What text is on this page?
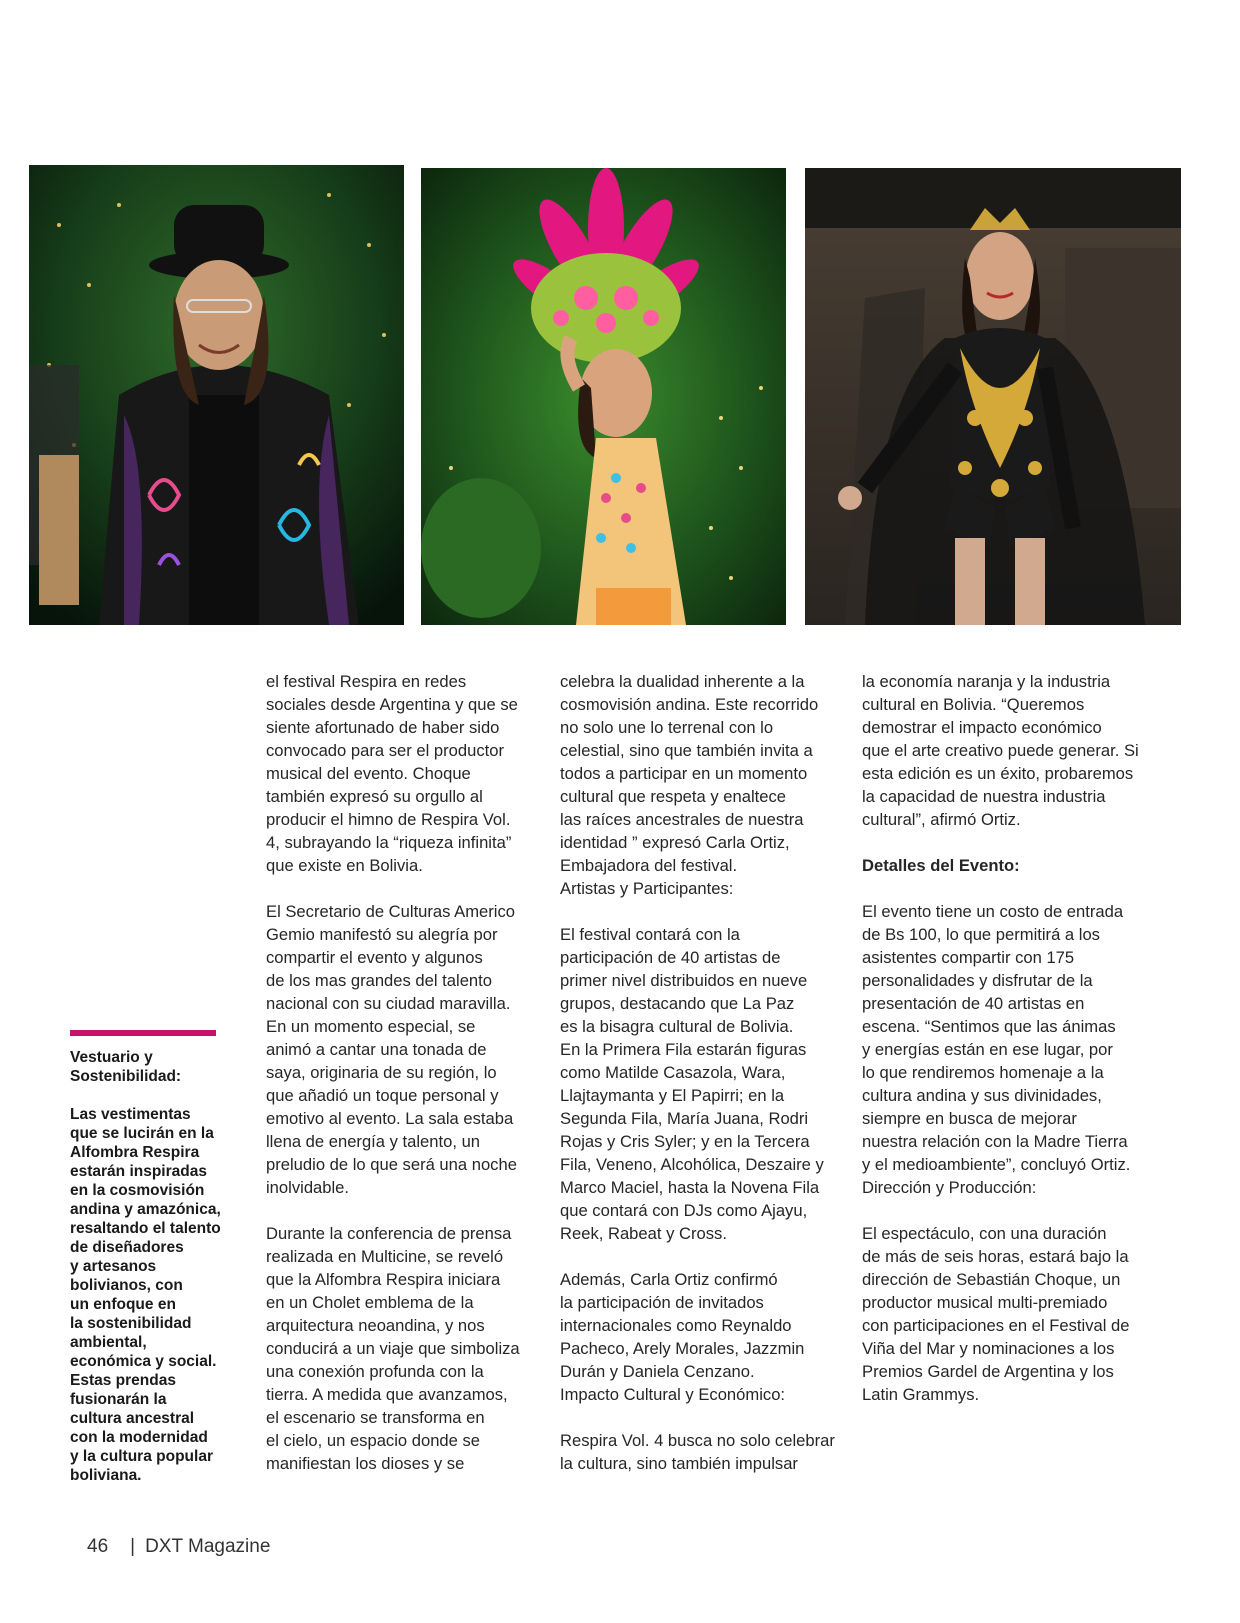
Vestuario y

Sostenibilidad:

Las vestimentas

que se lucirán en la

Alfombra Respira

estarán inspiradas

en la cosmovisión

andina y amazónica,

resaltando el talento

de diseñadores

y artesanos

bolivianos, con

un enfoque en

la sostenibilidad

ambiental,

económica y social.

Estas prendas

fusionarán la

cultura ancestral

con la modernidad

y la cultura popular

boliviana.

el festival Respira en redes

sociales desde Argentina y que se

siente afortunado de haber sido

convocado para ser el productor

musical del evento. Choque

también expresó su orgullo al

producir el himno de Respira Vol.

4, subrayando la “riqueza infinita”

que existe en Bolivia.

El Secretario de Culturas Americo

Gemio manifestó su alegría por

compartir el evento y algunos

de los mas grandes del talento

nacional con su ciudad maravilla.

En un momento especial, se

animó a cantar una tonada de

saya, originaria de su región, lo

que añadió un toque personal y

emotivo al evento. La sala estaba

llena de energía y talento, un

preludio de lo que será una noche

inolvidable.

Durante la conferencia de prensa

realizada en Multicine, se reveló

que la Alfombra Respira iniciara

en un Cholet emblema de la

arquitectura neoandina, y nos

conducirá a un viaje que simboliza

una conexión profunda con la

tierra. A medida que avanzamos,

el escenario se transforma en

el cielo, un espacio donde se

manifiestan los dioses y se

celebra la dualidad inherente a la

cosmovisión andina. Este recorrido

no solo une lo terrenal con lo

celestial, sino que también invita a

todos a participar en un momento

cultural que respeta y enaltece

las raíces ancestrales de nuestra

identidad ” expresó Carla Ortiz,

Embajadora del festival.

Artistas y Participantes:

El festival contará con la

participación de 40 artistas de

primer nivel distribuidos en nueve

grupos, destacando que La Paz

es la bisagra cultural de Bolivia.

En la Primera Fila estarán figuras

como Matilde Casazola, Wara,

Llajtaymanta y El Papirri; en la

Segunda Fila, María Juana, Rodri

Rojas y Cris Syler; y en la Tercera

Fila, Veneno, Alcohólica, Deszaire y

Marco Maciel, hasta la Novena Fila

que contará con DJs como Ajayu,

Reek, Rabeat y Cross.

Además, Carla Ortiz confirmó

la participación de invitados

internacionales como Reynaldo

Pacheco, Arely Morales, Jazzmin

Durán y Daniela Cenzano.

Impacto Cultural y Económico:

Respira Vol. 4 busca no solo celebrar

la cultura, sino también impulsar

la economía naranja y la industria

cultural en Bolivia. “Queremos

demostrar el impacto económico

que el arte creativo puede generar. Si

esta edición es un éxito, probaremos

la capacidad de nuestra industria

cultural”, afirmó Ortiz.

Detalles del Evento:

El evento tiene un costo de entrada

de Bs 100, lo que permitirá a los

asistentes compartir con 175

personalidades y disfrutar de la

presentación de 40 artistas en

escena. “Sentimos que las ánimas

y energías están en ese lugar, por

lo que rendiremos homenaje a la

cultura andina y sus divinidades,

siempre en busca de mejorar

nuestra relación con la Madre Tierra

y el medioambiente”, concluyó Ortiz.

Dirección y Producción:

El espectáculo, con una duración

de más de seis horas, estará bajo la

dirección de Sebastián Choque, un

productor musical multi-premiado

con participaciones en el Festival de

Viña del Mar y nominaciones a los

Premios Gardel de Argentina y los

Latin Grammys.

46 | DXT Magazine
